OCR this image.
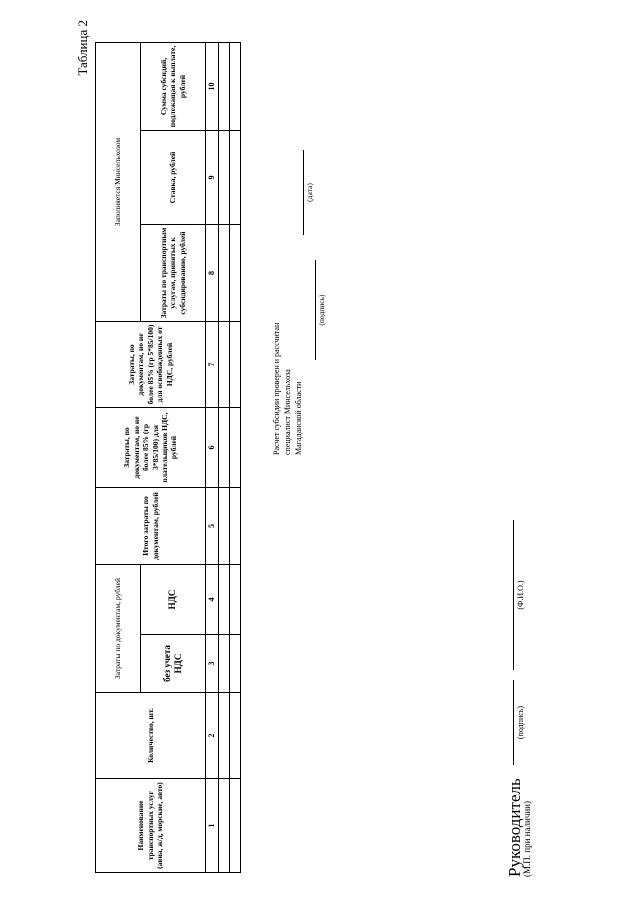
Таблица 2
Наименование транспортных услуг (авиа, ж/д, морские, авто)	Количество, шт.	Затраты по документам, рублей		Итого затраты по документам, рублей	Затраты, по документам, но не более 85% (гр 3*85/100) для плательщиков НДС, рублей	Затраты, по документам, но не более 85% (гр 5*85/100) для освобожденных от НДС, рублей	Заполняется Минсельхозом		
		без учета НДС	НДС				Затраты по транспортным услугам, принятых к субсидированию, рублей	Ставка, рублей	Сумма субсидий, подлежащая к выплате, рублей
1	2	3	4	5	6	7	8	9	10

Руководитель
(М.П. при наличии)
(подпись)
(Ф.И.О.)
Расчет субсидии проверен и рассчитан специалист Минсельхоза Магаданской области
(подпись)
(дата)
